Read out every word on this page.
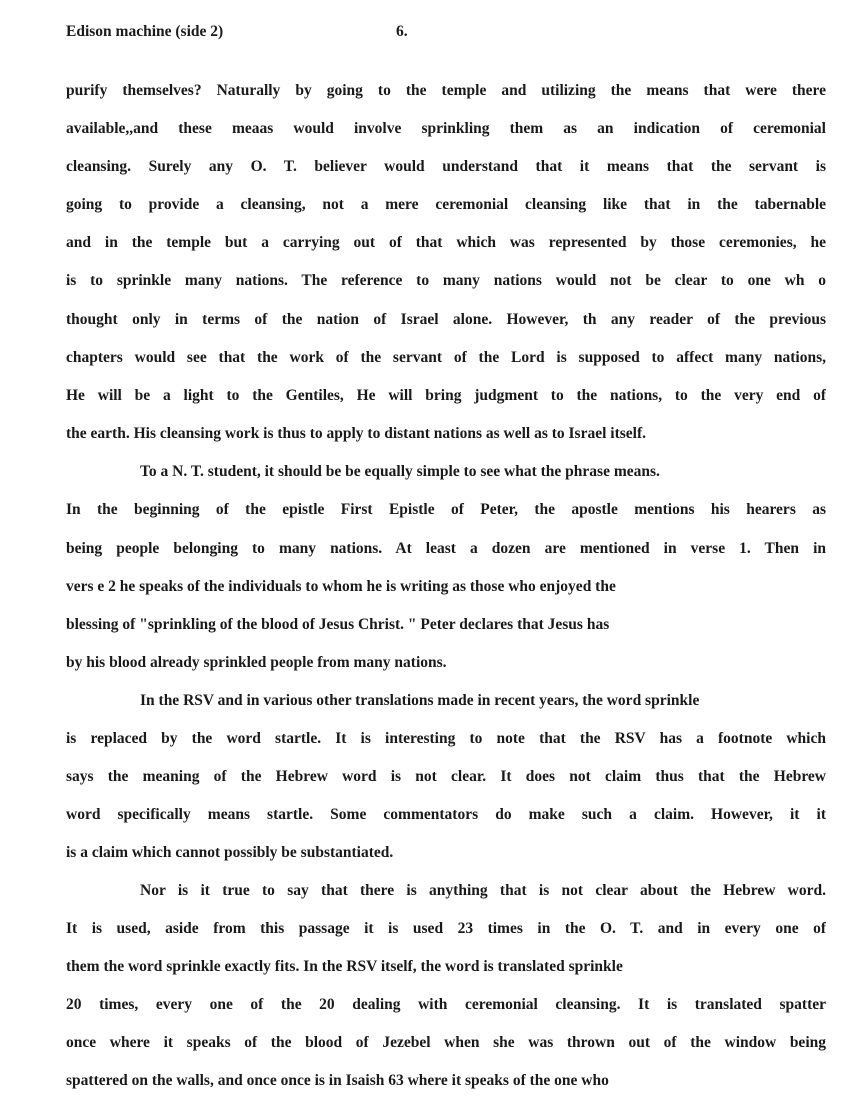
Edison machine (side 2)	6.
purify themselves? Naturally by going to the temple and utilizing the means that were there
available,,and these meaas would involve sprinkling them as an indication of ceremonial
cleansing. Surely any O. T. believer would understand that it means that the servant is
going to provide a cleansing, not a mere ceremonial cleansing like that in the tabernable
and in the temple but a carrying out of that which was represented by those ceremonies, he
is to sprinkle many nations. The reference to many nations would not be clear to one wh o
thought only in terms of the nation of Israel alone. However, th any reader of the previous
chapters would see that the work of the servant of the Lord is supposed to affect many nations,
He will be a light to the Gentiles, He will bring judgment to the nations, to the very end of
the earth. His cleansing work is thus to apply to distant nations as well as to Israel itself.
To a N. T. student, it should be be equally simple to see what the phrase means.
In the beginning of the epistle First Epistle of Peter, the apostle mentions his hearers as
being people belonging to many nations. At least a dozen are mentioned in verse 1. Then in
vers e 2 he speaks of the individuals to whom he is writing as those who enjoyed the
blessing of "sprinkling of the blood of Jesus Christ. " Peter declares that Jesus has
by his blood already sprinkled people from many nations.
In the RSV and in various other translations made in recent years, the word sprinkle
is replaced by the word startle. It is interesting to note that the RSV has a footnote which
says the meaning of the Hebrew word is not clear. It does not claim thus that the Hebrew
word specifically means startle. Some commentators do make such a claim. However, it it
is a claim which cannot possibly be substantiated.
Nor is it true to say that there is anything that is not clear about the Hebrew word.
It is used, aside from this passage it is used 23 times in the O. T. and in every one of
them the word sprinkle exactly fits. In the RSV itself, the word is translated sprinkle
20 times, every one of the 20 dealing with ceremonial cleansing. It is translated spatter
once where it speaks of the blood of Jezebel when she was thrown out of the window being
spattered on the walls, and once once is in Isaish 63 where it speaks of the one who
